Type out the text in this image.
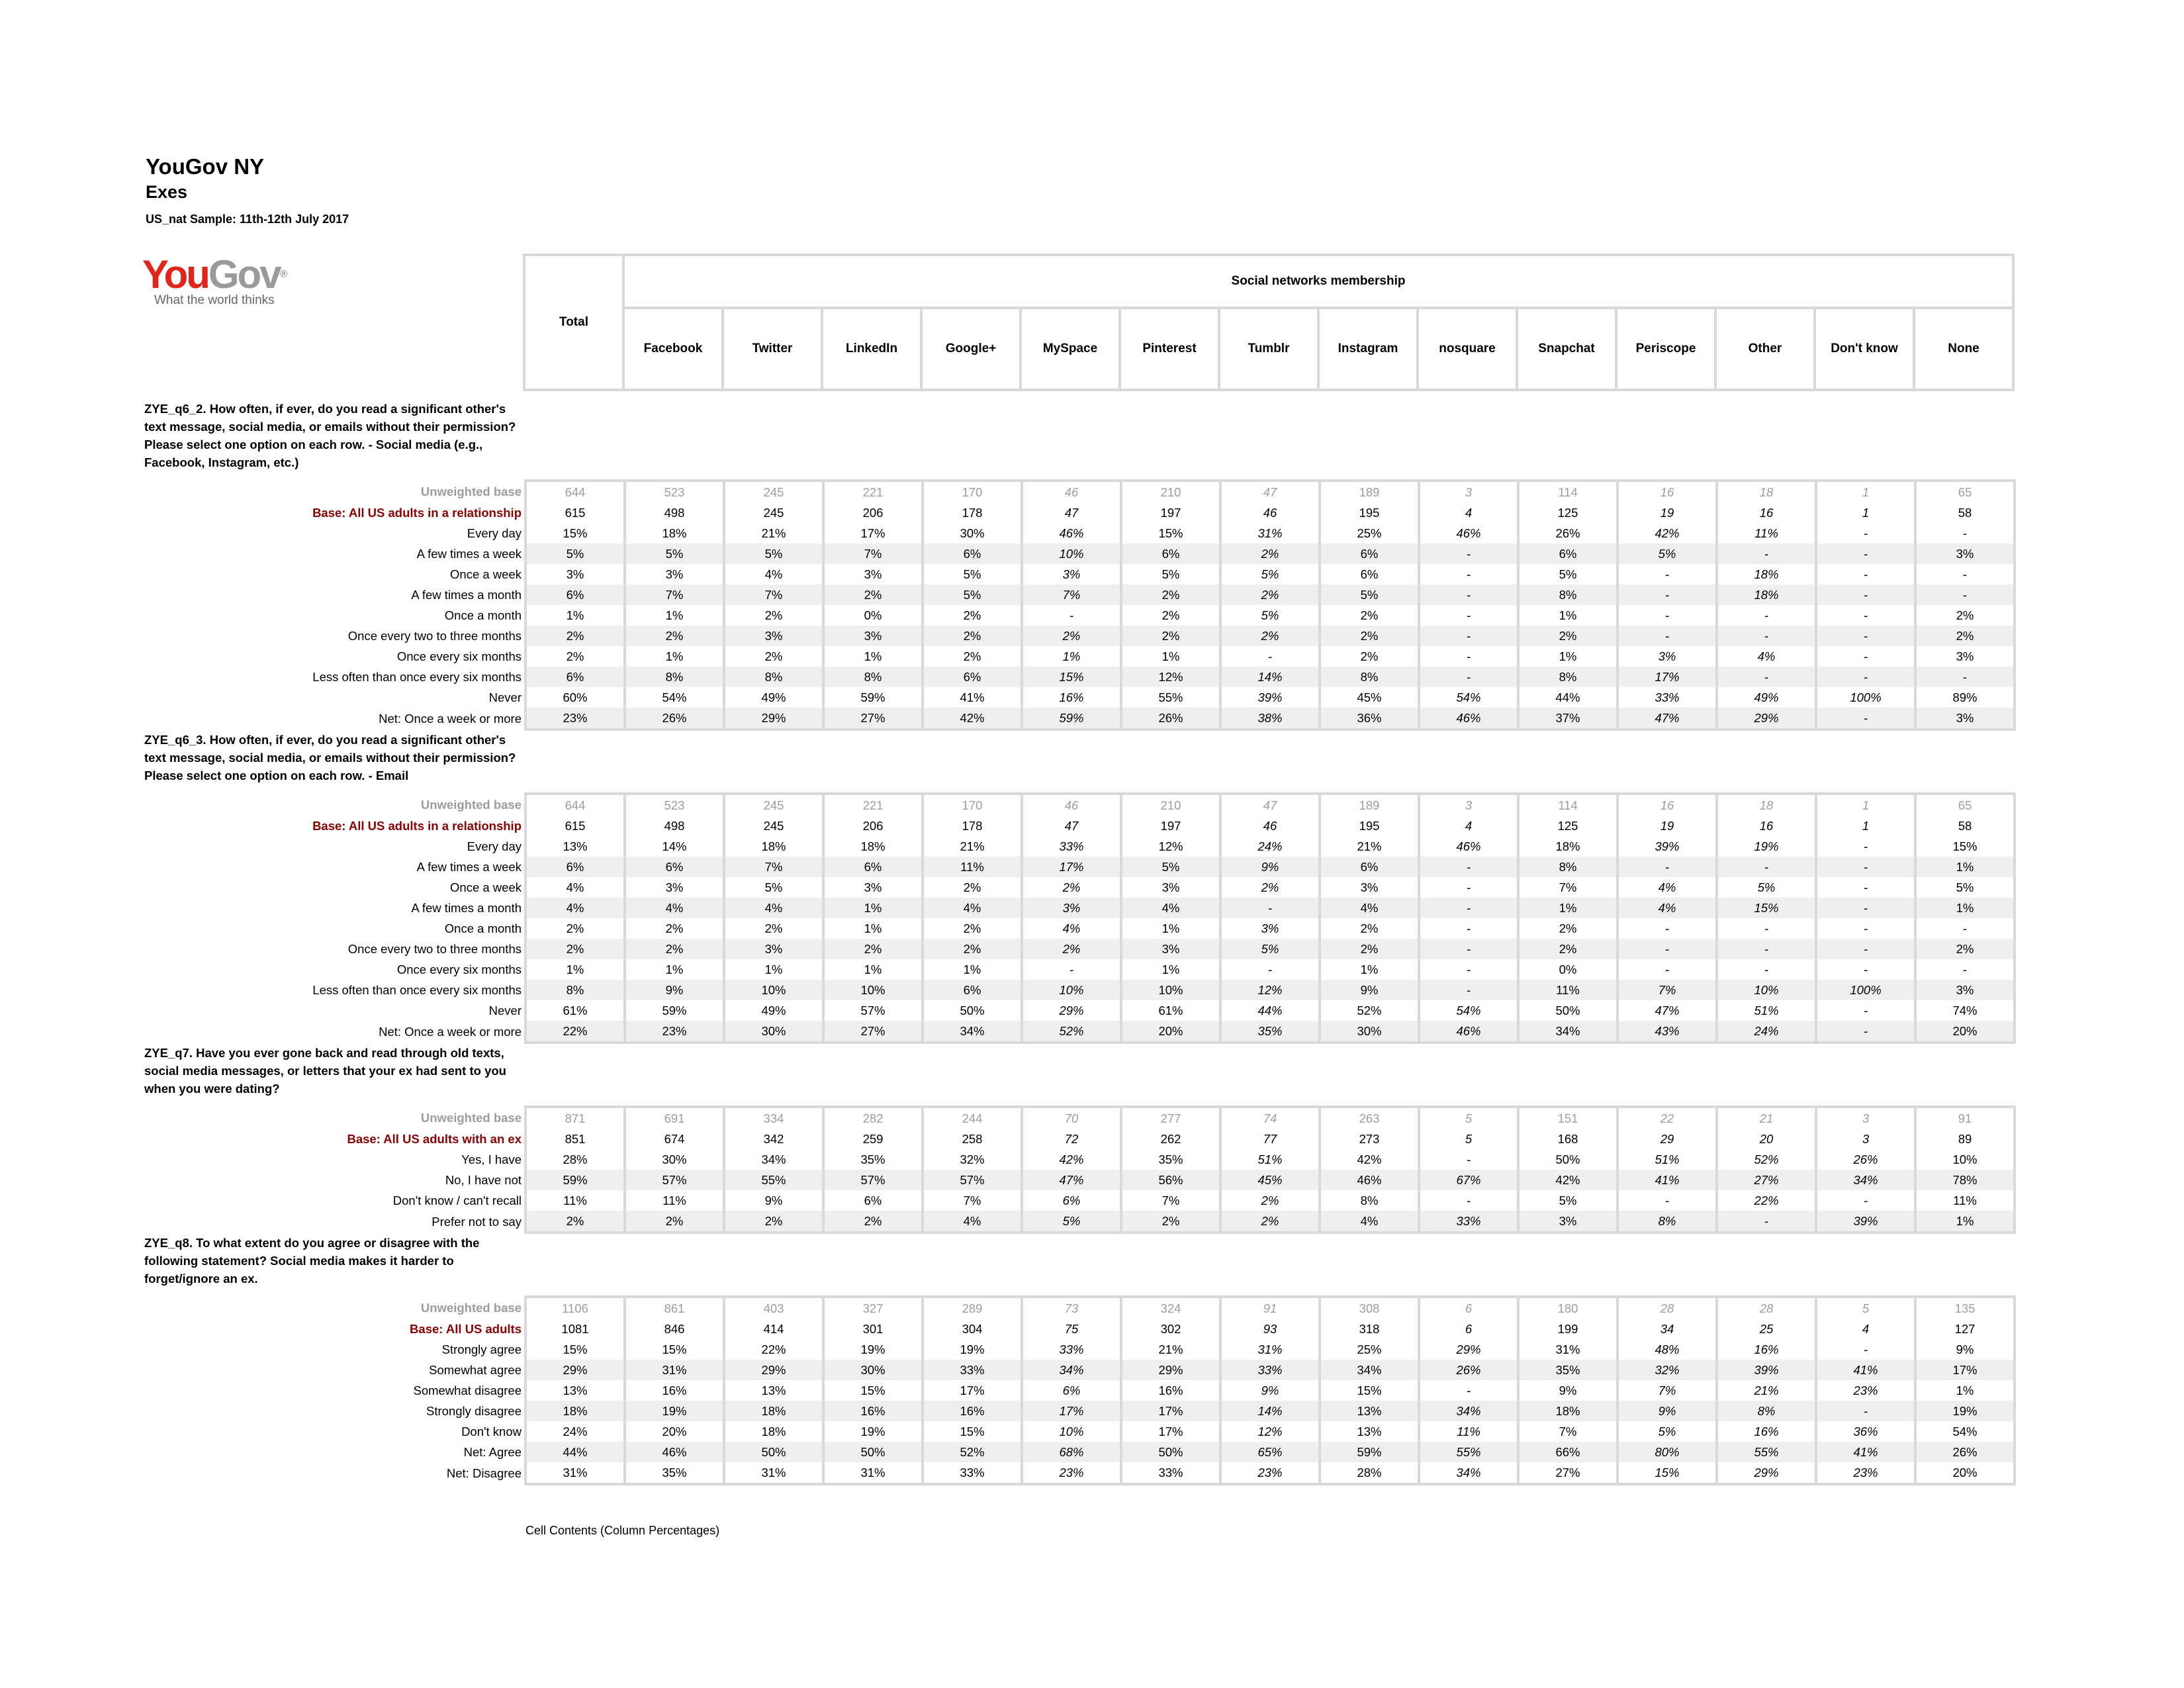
YouGov NY
Exes
US_nat Sample: 11th-12th July 2017
YouGov®
What the world thinks
Total	Social networks membership													
	Facebook	Twitter	LinkedIn	Google+	MySpace	Pinterest	Tumblr	Instagram	nosquare	Snapchat	Periscope	Other	Don't know	None
ZYE_q6_2. How often, if ever, do you read a significant other's text message, social media, or emails without their permission? Please select one option on each row. - Social media (e.g., Facebook, Instagram, etc.)
Unweighted base	644	523	245	221	170	46	210	47	189	3	114	16	18	1	65
Base: All US adults in a relationship	615	498	245	206	178	47	197	46	195	4	125	19	16	1	58
Every day	15%	18%	21%	17%	30%	46%	15%	31%	25%	46%	26%	42%	11%	-	-
A few times a week	5%	5%	5%	7%	6%	10%	6%	2%	6%	-	6%	5%	-	-	3%
Once a week	3%	3%	4%	3%	5%	3%	5%	5%	6%	-	5%	-	18%	-	-
A few times a month	6%	7%	7%	2%	5%	7%	2%	2%	5%	-	8%	-	18%	-	-
Once a month	1%	1%	2%	0%	2%	-	2%	5%	2%	-	1%	-	-	-	2%
Once every two to three months	2%	2%	3%	3%	2%	2%	2%	2%	2%	-	2%	-	-	-	2%
Once every six months	2%	1%	2%	1%	2%	1%	1%	-	2%	-	1%	3%	4%	-	3%
Less often than once every six months	6%	8%	8%	8%	6%	15%	12%	14%	8%	-	8%	17%	-	-	-
Never	60%	54%	49%	59%	41%	16%	55%	39%	45%	54%	44%	33%	49%	100%	89%
Net: Once a week or more	23%	26%	29%	27%	42%	59%	26%	38%	36%	46%	37%	47%	29%	-	3%
ZYE_q6_3. How often, if ever, do you read a significant other's text message, social media, or emails without their permission? Please select one option on each row. - Email
Unweighted base	644	523	245	221	170	46	210	47	189	3	114	16	18	1	65
Base: All US adults in a relationship	615	498	245	206	178	47	197	46	195	4	125	19	16	1	58
Every day	13%	14%	18%	18%	21%	33%	12%	24%	21%	46%	18%	39%	19%	-	15%
A few times a week	6%	6%	7%	6%	11%	17%	5%	9%	6%	-	8%	-	-	-	1%
Once a week	4%	3%	5%	3%	2%	2%	3%	2%	3%	-	7%	4%	5%	-	5%
A few times a month	4%	4%	4%	1%	4%	3%	4%	-	4%	-	1%	4%	15%	-	1%
Once a month	2%	2%	2%	1%	2%	4%	1%	3%	2%	-	2%	-	-	-	-
Once every two to three months	2%	2%	3%	2%	2%	2%	3%	5%	2%	-	2%	-	-	-	2%
Once every six months	1%	1%	1%	1%	1%	-	1%	-	1%	-	0%	-	-	-	-
Less often than once every six months	8%	9%	10%	10%	6%	10%	10%	12%	9%	-	11%	7%	10%	100%	3%
Never	61%	59%	49%	57%	50%	29%	61%	44%	52%	54%	50%	47%	51%	-	74%
Net: Once a week or more	22%	23%	30%	27%	34%	52%	20%	35%	30%	46%	34%	43%	24%	-	20%
ZYE_q7. Have you ever gone back and read through old texts, social media messages, or letters that your ex had sent to you when you were dating?
Unweighted base	871	691	334	282	244	70	277	74	263	5	151	22	21	3	91
Base: All US adults with an ex	851	674	342	259	258	72	262	77	273	5	168	29	20	3	89
Yes, I have	28%	30%	34%	35%	32%	42%	35%	51%	42%	-	50%	51%	52%	26%	10%
No, I have not	59%	57%	55%	57%	57%	47%	56%	45%	46%	67%	42%	41%	27%	34%	78%
Don't know / can't recall	11%	11%	9%	6%	7%	6%	7%	2%	8%	-	5%	-	22%	-	11%
Prefer not to say	2%	2%	2%	2%	4%	5%	2%	2%	4%	33%	3%	8%	-	39%	1%
ZYE_q8. To what extent do you agree or disagree with the following statement? Social media makes it harder to forget/ignore an ex.
Unweighted base	1106	861	403	327	289	73	324	91	308	6	180	28	28	5	135
Base: All US adults	1081	846	414	301	304	75	302	93	318	6	199	34	25	4	127
Strongly agree	15%	15%	22%	19%	19%	33%	21%	31%	25%	29%	31%	48%	16%	-	9%
Somewhat agree	29%	31%	29%	30%	33%	34%	29%	33%	34%	26%	35%	32%	39%	41%	17%
Somewhat disagree	13%	16%	13%	15%	17%	6%	16%	9%	15%	-	9%	7%	21%	23%	1%
Strongly disagree	18%	19%	18%	16%	16%	17%	17%	14%	13%	34%	18%	9%	8%	-	19%
Don't know	24%	20%	18%	19%	15%	10%	17%	12%	13%	11%	7%	5%	16%	36%	54%
Net: Agree	44%	46%	50%	50%	52%	68%	50%	65%	59%	55%	66%	80%	55%	41%	26%
Net: Disagree	31%	35%	31%	31%	33%	23%	33%	23%	28%	34%	27%	15%	29%	23%	20%
Cell Contents (Column Percentages)
